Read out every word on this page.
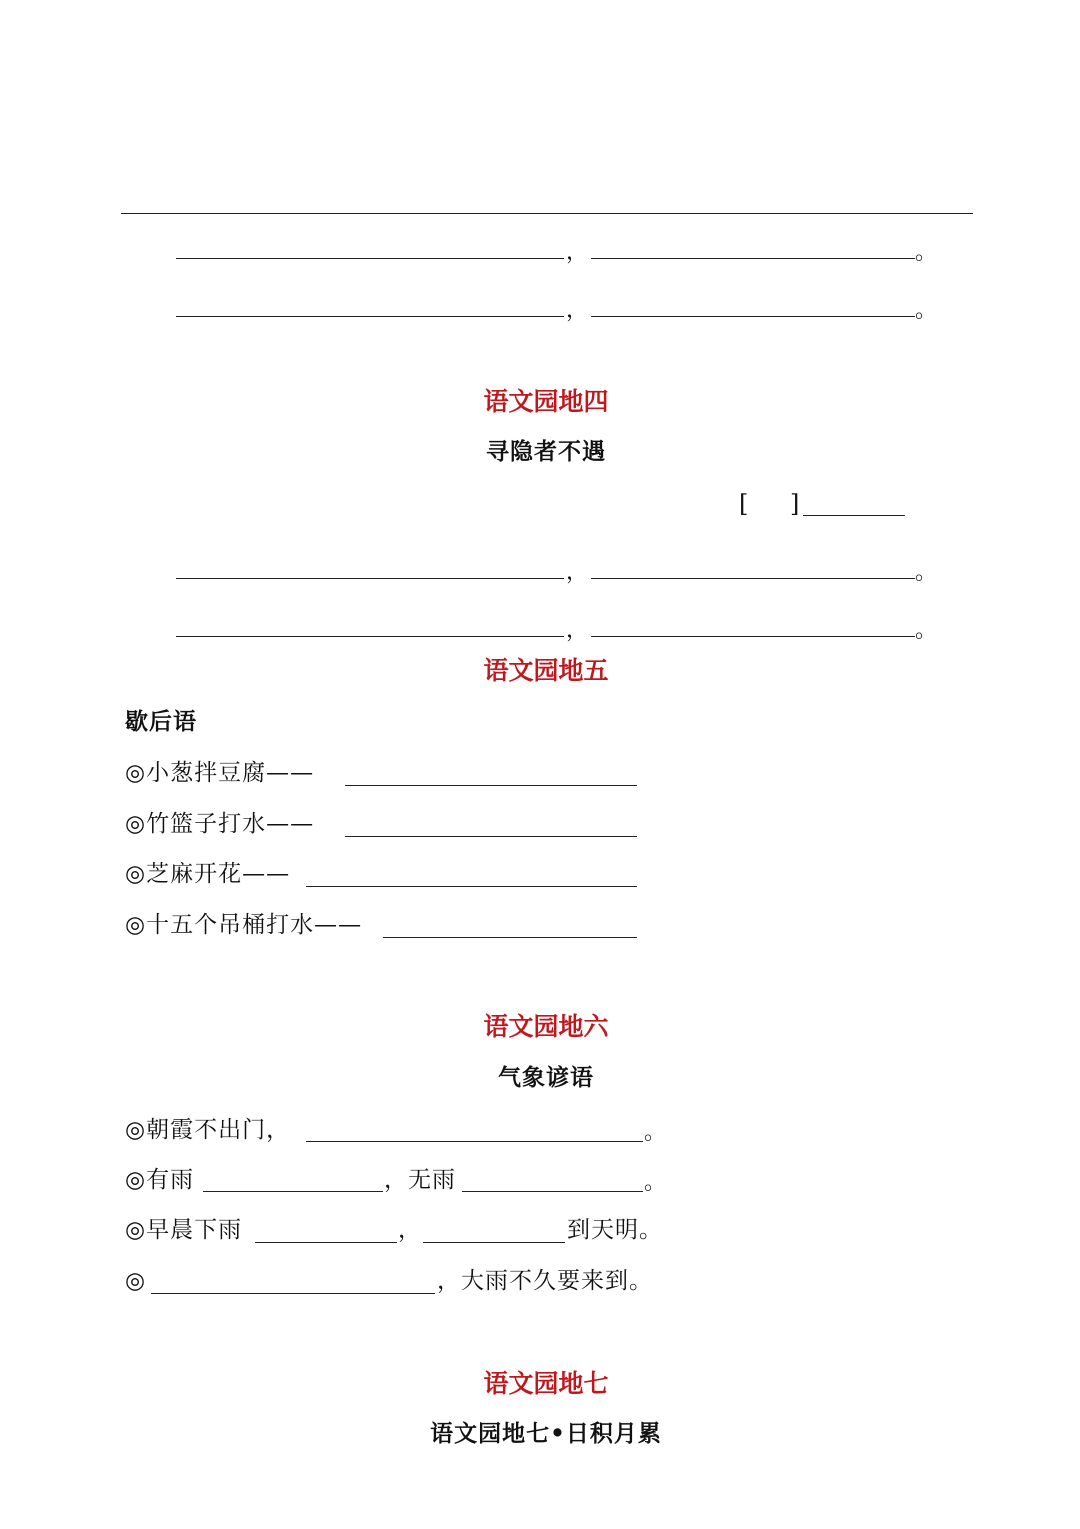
，	。
，	。
语文园地四
寻隐者不遇
[ ]
，	。
，	。
语文园地五
歇后语
◎小葱拌豆腐——
◎竹篮子打水——
◎芝麻开花——
◎十五个吊桶打水——
语文园地六
气象谚语
◎朝霞不出门，	。
◎有雨	，无雨	。
◎早晨下雨	，	到天明。
◎	，大雨不久要来到。
语文园地七
语文园地七•日积月累
